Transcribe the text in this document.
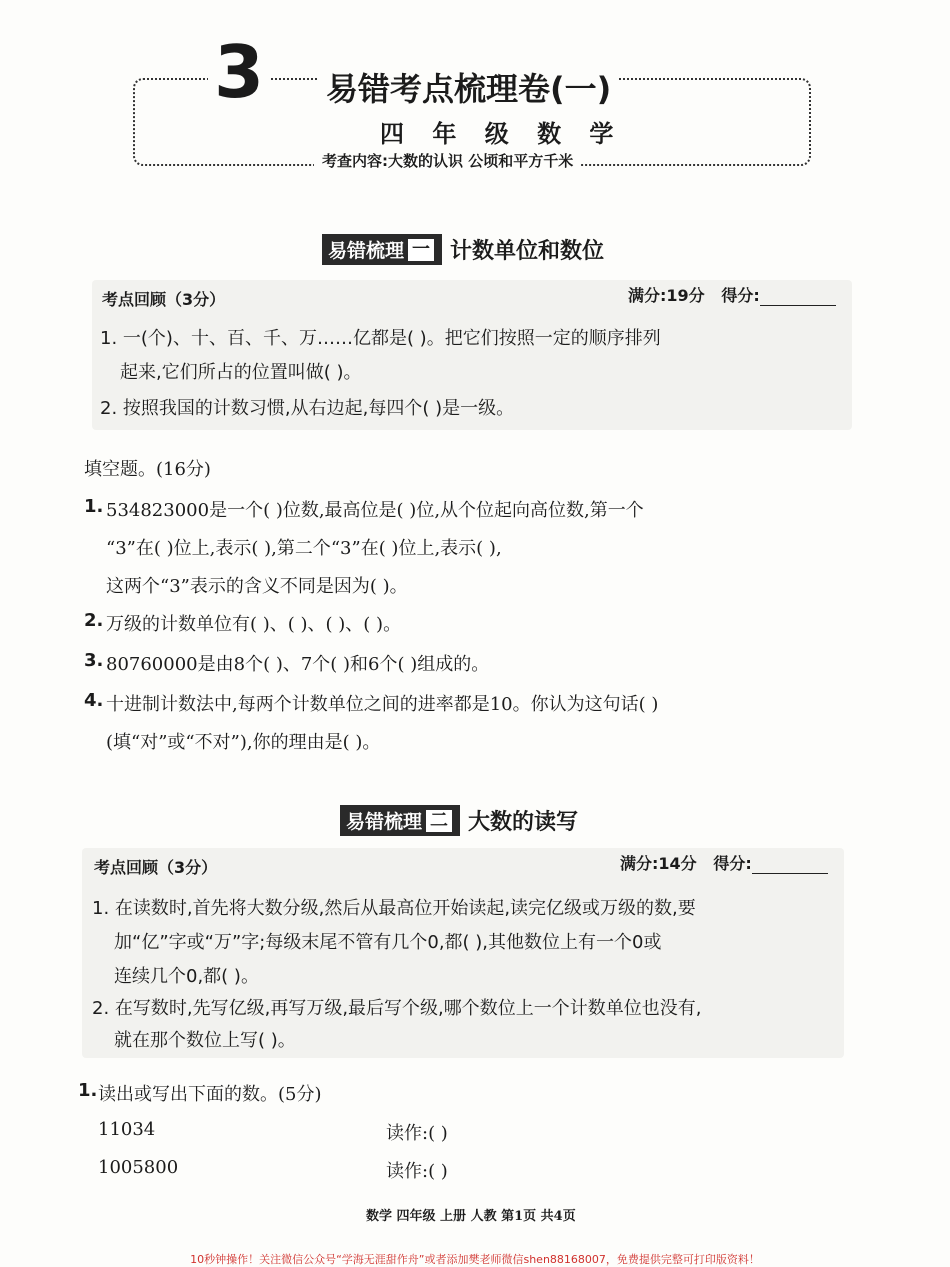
3 易错考点梳理卷(一)
四 年 级 数 学
考查内容:大数的认识 公顷和平方千米
易错梳理 一 计数单位和数位
考点回顾（3分）	满分:19分 得分:
1. 一(个)、十、百、千、万……亿都是( )。把它们按照一定的顺序排列
起来,它们所占的位置叫做( )。
2. 按照我国的计数习惯,从右边起,每四个( )是一级。
填空题。(16分)
1. 534823000是一个( )位数,最高位是( )位,从个位起向高位数,第一个
“3”在( )位上,表示( ),第二个“3”在( )位上,表示( ),
这两个“3”表示的含义不同是因为( )。
2. 万级的计数单位有( )、( )、( )、( )。
3. 80760000是由8个( )、7个( )和6个( )组成的。
4. 十进制计数法中,每两个计数单位之间的进率都是10。你认为这句话( )
(填“对”或“不对”),你的理由是( )。
易错梳理 二 大数的读写
考点回顾（3分）	满分:14分 得分:
1. 在读数时,首先将大数分级,然后从最高位开始读起,读完亿级或万级的数,要
加“亿”字或“万”字;每级末尾不管有几个0,都( ),其他数位上有一个0或
连续几个0,都( )。
2. 在写数时,先写亿级,再写万级,最后写个级,哪个数位上一个计数单位也没有,
就在那个数位上写( )。
1. 读出或写出下面的数。(5分)
11034	读作:( )
1005800	读作:( )
数学 四年级 上册 人教 第1页 共4页
10秒钟操作！关注微信公众号“学海无涯甜作舟”或者添加樊老师微信shen88168007，免费提供完整可打印版资料！
